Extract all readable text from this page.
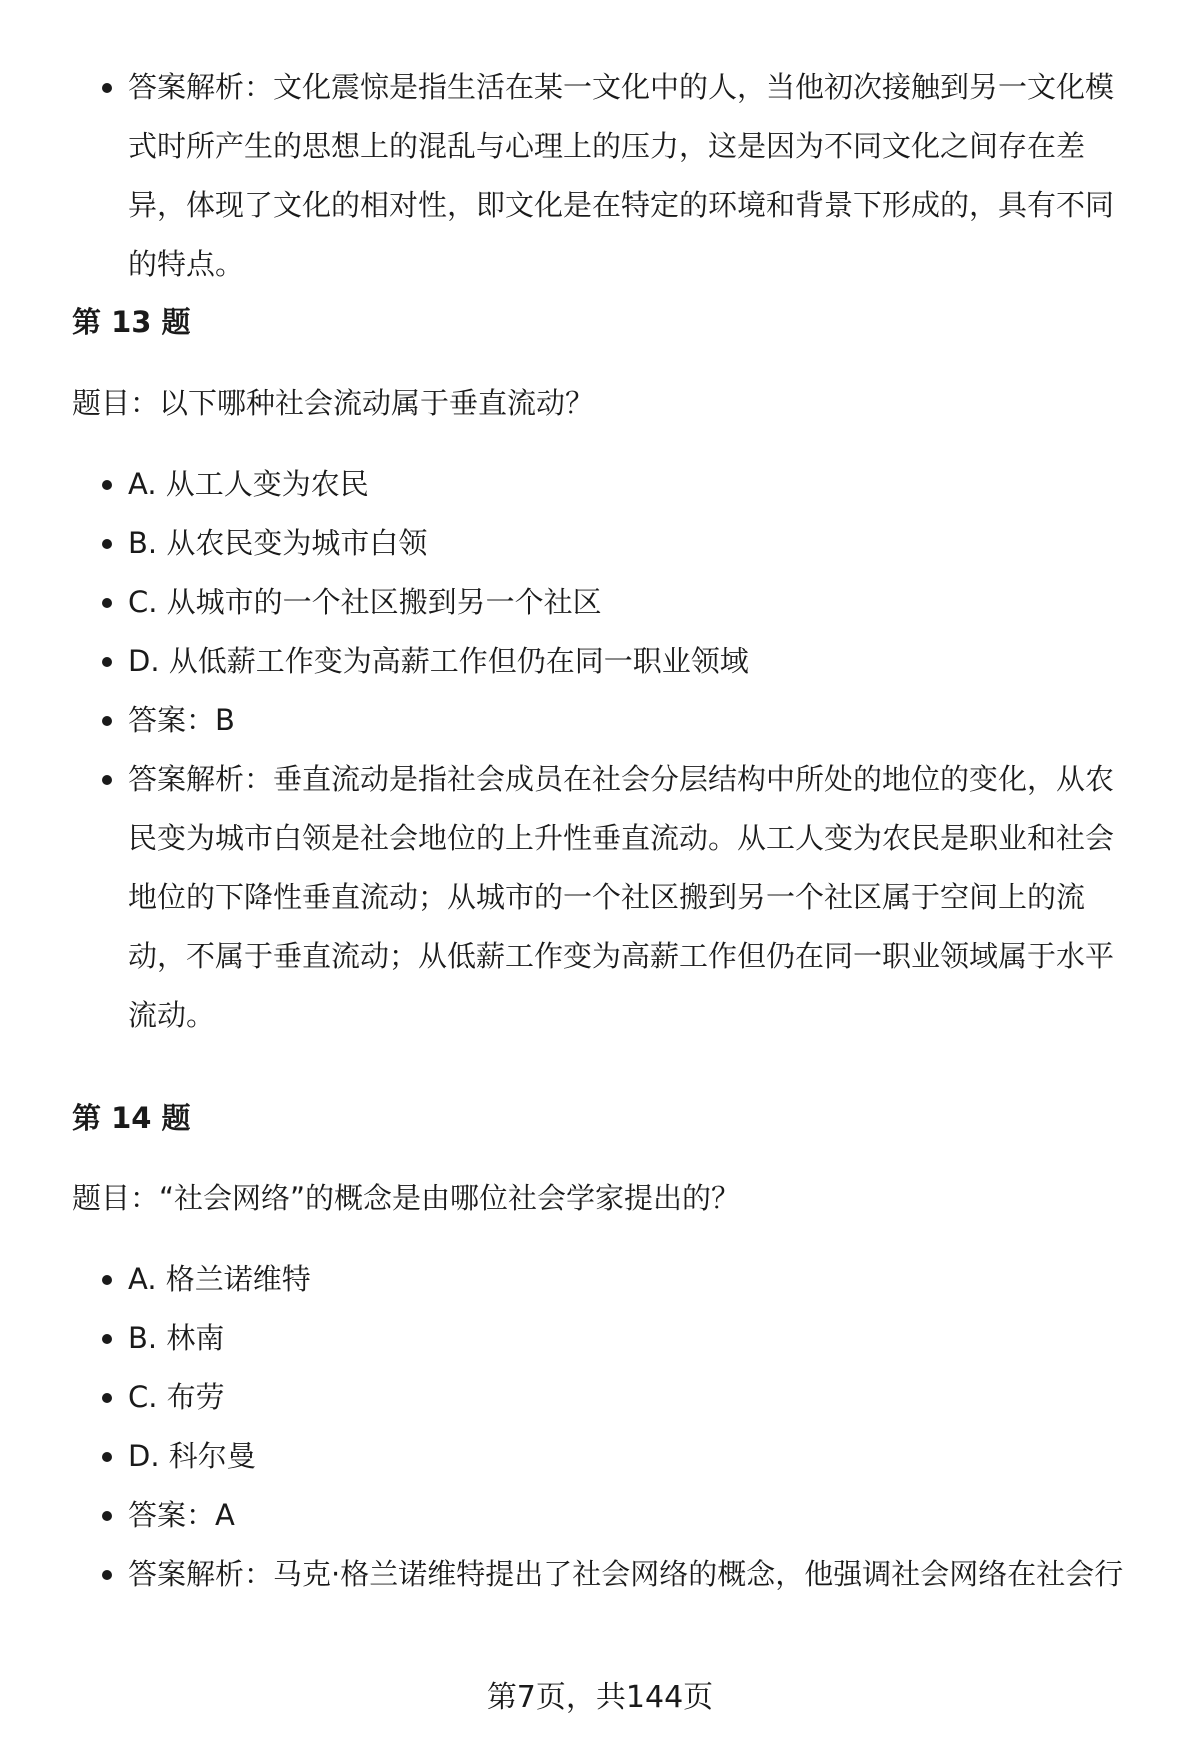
答案解析：文化震惊是指生活在某一文化中的人，当他初次接触到另一文化模式时所产生的思想上的混乱与心理上的压力，这是因为不同文化之间存在差异，体现了文化的相对性，即文化是在特定的环境和背景下形成的，具有不同的特点。
第 13 题

题目：以下哪种社会流动属于垂直流动？

A. 从工人变为农民
B. 从农民变为城市白领
C. 从城市的一个社区搬到另一个社区
D. 从低薪工作变为高薪工作但仍在同一职业领域
答案：B
答案解析：垂直流动是指社会成员在社会分层结构中所处的地位的变化，从农民变为城市白领是社会地位的上升性垂直流动。从工人变为农民是职业和社会地位的下降性垂直流动；从城市的一个社区搬到另一个社区属于空间上的流动，不属于垂直流动；从低薪工作变为高薪工作但仍在同一职业领域属于水平流动。
第 14 题

题目：“社会网络”的概念是由哪位社会学家提出的？

A. 格兰诺维特
B. 林南
C. 布劳
D. 科尔曼
答案：A
答案解析：马克·格兰诺维特提出了社会网络的概念，他强调社会网络在社会行
第7页，共144页
